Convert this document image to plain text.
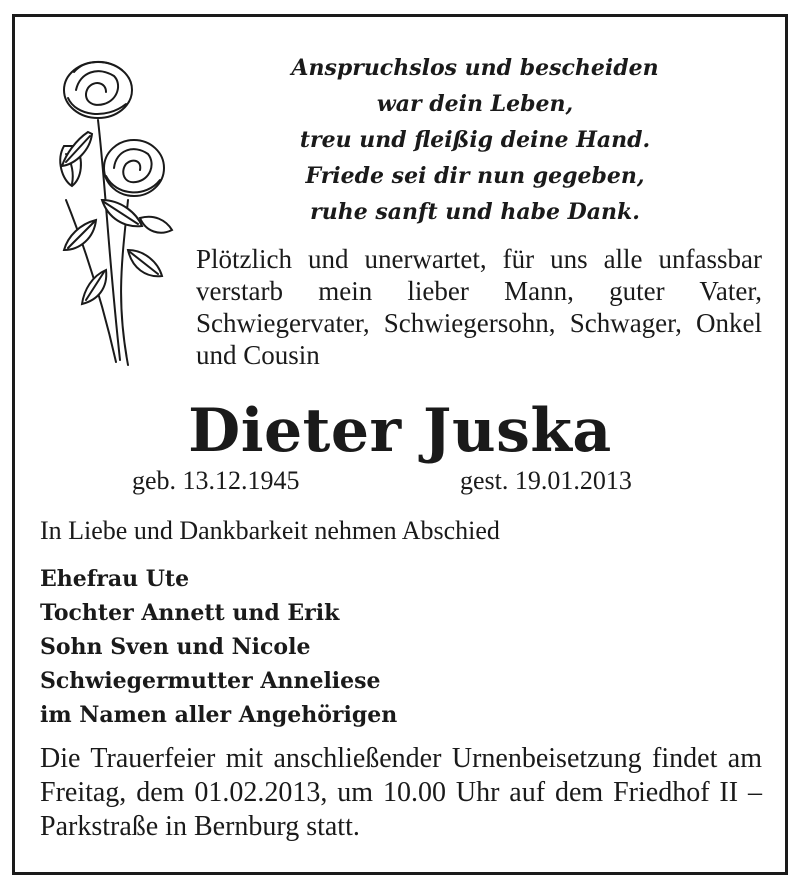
Anspruchslos und bescheiden
war dein Leben,
treu und fleißig deine Hand.
Friede sei dir nun gegeben,
ruhe sanft und habe Dank.
Plötzlich und unerwartet, für uns alle unfassbar verstarb mein lieber Mann, guter Vater, Schwiegervater, Schwiegersohn, Schwager, Onkel und Cousin
Dieter Juska
geb. 13.12.1945	gest. 19.01.2013
In Liebe und Dankbarkeit nehmen Abschied
Ehefrau Ute
Tochter Annett und Erik
Sohn Sven und Nicole
Schwiegermutter Anneliese
im Namen aller Angehörigen
Die Trauerfeier mit anschließender Urnenbeisetzung findet am Freitag, dem 01.02.2013, um 10.00 Uhr auf dem Friedhof II – Parkstraße in Bernburg statt.
